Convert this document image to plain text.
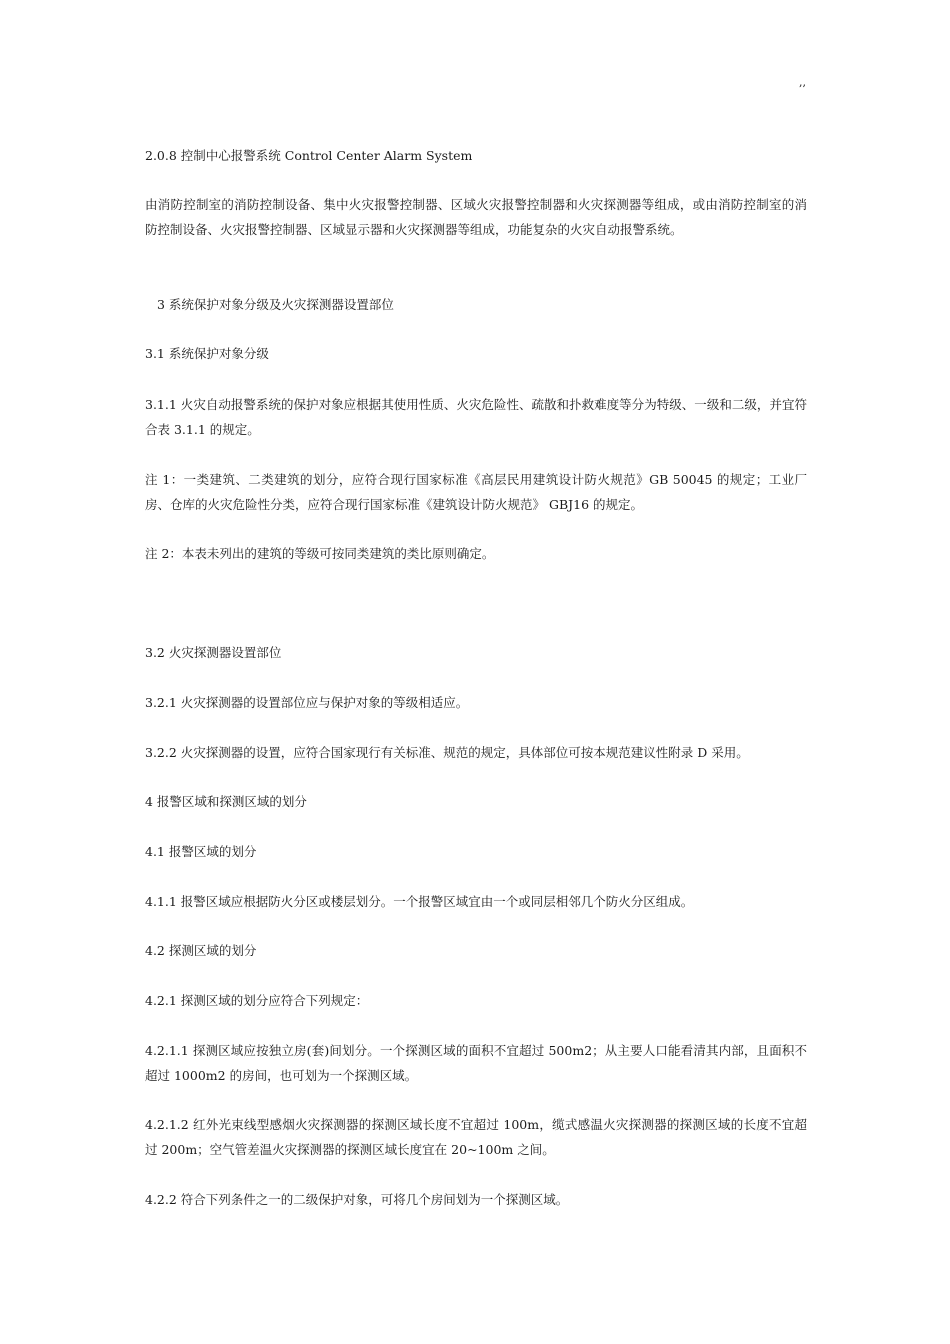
,,

2.0.8 控制中心报警系统 Control Center Alarm System

由消防控制室的消防控制设备、集中火灾报警控制器、区域火灾报警控制器和火灾探测器等组成，或由消防控制室的消防控制设备、火灾报警控制器、区域显示器和火灾探测器等组成，功能复杂的火灾自动报警系统。

3 系统保护对象分级及火灾探测器设置部位

3.1 系统保护对象分级

3.1.1 火灾自动报警系统的保护对象应根据其使用性质、火灾危险性、疏散和扑救难度等分为特级、一级和二级，并宜符合表 3.1.1 的规定。

注 1：一类建筑、二类建筑的划分，应符合现行国家标准《高层民用建筑设计防火规范》GB 50045 的规定；工业厂房、仓库的火灾危险性分类，应符合现行国家标准《建筑设计防火规范》 GBJ16 的规定。

注 2：本表未列出的建筑的等级可按同类建筑的类比原则确定。

3.2 火灾探测器设置部位

3.2.1 火灾探测器的设置部位应与保护对象的等级相适应。

3.2.2 火灾探测器的设置，应符合国家现行有关标准、规范的规定，具体部位可按本规范建议性附录 D 采用。

4 报警区域和探测区域的划分

4.1 报警区域的划分

4.1.1 报警区域应根据防火分区或楼层划分。一个报警区域宜由一个或同层相邻几个防火分区组成。

4.2 探测区域的划分

4.2.1 探测区域的划分应符合下列规定：

4.2.1.1 探测区域应按独立房(套)间划分。一个探测区域的面积不宜超过 500m2；从主要人口能看清其内部，且面积不超过 1000m2 的房间，也可划为一个探测区域。

4.2.1.2 红外光束线型感烟火灾探测器的探测区域长度不宜超过 100m，缆式感温火灾探测器的探测区域的长度不宜超过 200m；空气管差温火灾探测器的探测区域长度宜在 20~100m 之间。

4.2.2 符合下列条件之一的二级保护对象，可将几个房间划为一个探测区域。
